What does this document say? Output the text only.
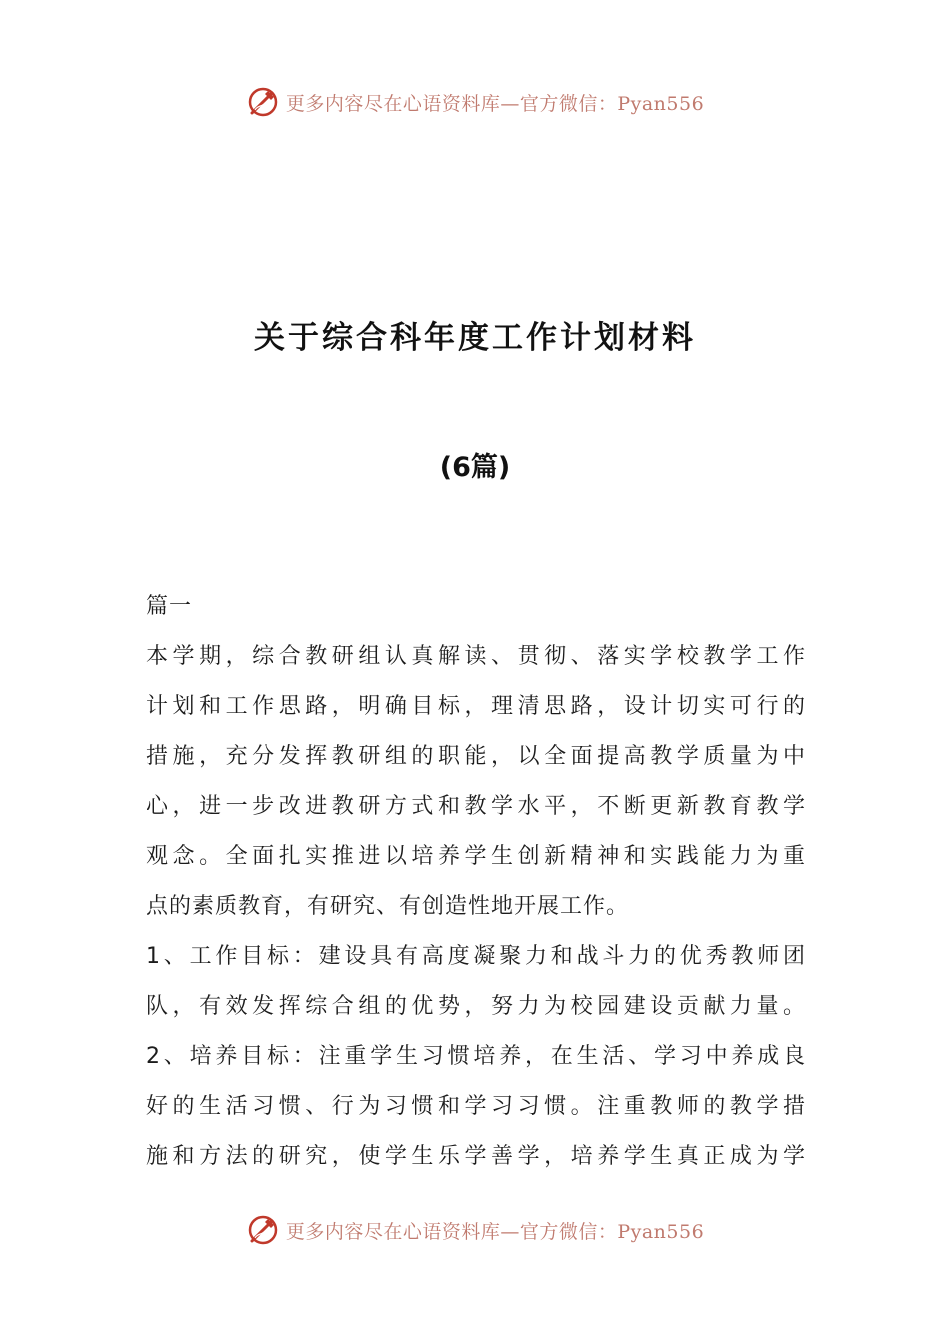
更多内容尽在心语资料库—官方微信：Pyan556
关于综合科年度工作计划材料
(6篇)
篇一
本学期，综合教研组认真解读、贯彻、落实学校教学工作
计划和工作思路，明确目标，理清思路，设计切实可行的
措施，充分发挥教研组的职能，以全面提高教学质量为中
心，进一步改进教研方式和教学水平，不断更新教育教学
观念。全面扎实推进以培养学生创新精神和实践能力为重
点的素质教育，有研究、有创造性地开展工作。
1、工作目标：建设具有高度凝聚力和战斗力的优秀教师团
队，有效发挥综合组的优势，努力为校园建设贡献力量。
2、培养目标：注重学生习惯培养，在生活、学习中养成良
好的生活习惯、行为习惯和学习习惯。注重教师的教学措
施和方法的研究，使学生乐学善学，培养学生真正成为学
更多内容尽在心语资料库—官方微信：Pyan556
